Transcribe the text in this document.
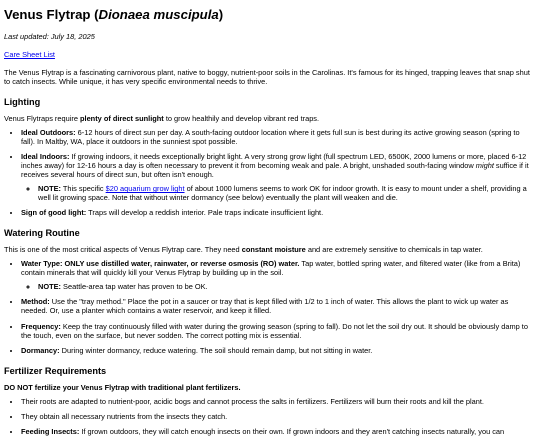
Venus Flytrap (Dionaea muscipula)

Last updated: July 18, 2025

Care Sheet List

The Venus Flytrap is a fascinating carnivorous plant, native to boggy, nutrient-poor soils in the Carolinas. It's famous for its hinged, trapping leaves that snap shut to catch insects. While unique, it has very specific environmental needs to thrive.

Lighting

Venus Flytraps require plenty of direct sunlight to grow healthily and develop vibrant red traps.

• Ideal Outdoors: 6-12 hours of direct sun per day. A south-facing outdoor location where it gets full sun is best during its active growing season (spring to fall). In Maltby, WA, place it outdoors in the sunniest spot possible.
• Ideal Indoors: If growing indoors, it needs exceptionally bright light. A very strong grow light (full spectrum LED, 6500K, 2000 lumens or more, placed 6-12 inches away) for 12-16 hours a day is often necessary to prevent it from becoming weak and pale. A bright, unshaded south-facing window might suffice if it receives several hours of direct sun, but often isn't enough.
◦ NOTE: This specific $20 aquarium grow light of about 1000 lumens seems to work OK for indoor growth. It is easy to mount under a shelf, providing a well lit growing space. Note that without winter dormancy (see below) eventually the plant will weaken and die.
• Sign of good light: Traps will develop a reddish interior. Pale traps indicate insufficient light.
Watering Routine

This is one of the most critical aspects of Venus Flytrap care. They need constant moisture and are extremely sensitive to chemicals in tap water.

• Water Type: ONLY use distilled water, rainwater, or reverse osmosis (RO) water. Tap water, bottled spring water, and filtered water (like from a Brita) contain minerals that will quickly kill your Venus Flytrap by building up in the soil.
◦ NOTE: Seattle-area tap water has proven to be OK.
• Method: Use the "tray method." Place the pot in a saucer or tray that is kept filled with 1/2 to 1 inch of water. This allows the plant to wick up water as needed. Or, use a planter which contains a water reservoir, and keep it filled.
• Frequency: Keep the tray continuously filled with water during the growing season (spring to fall). Do not let the soil dry out. It should be obviously damp to the touch, even on the surface, but never sodden. The correct potting mix is essential.
• Dormancy: During winter dormancy, reduce watering. The soil should remain damp, but not sitting in water.
Fertilizer Requirements

DO NOT fertilize your Venus Flytrap with traditional plant fertilizers.

• Their roots are adapted to nutrient-poor, acidic bogs and cannot process the salts in fertilizers. Fertilizers will burn their roots and kill the plant.
• They obtain all necessary nutrients from the insects they catch.
• Feeding Insects: If grown outdoors, they will catch enough insects on their own. If grown indoors and they aren't catching insects naturally, you can
